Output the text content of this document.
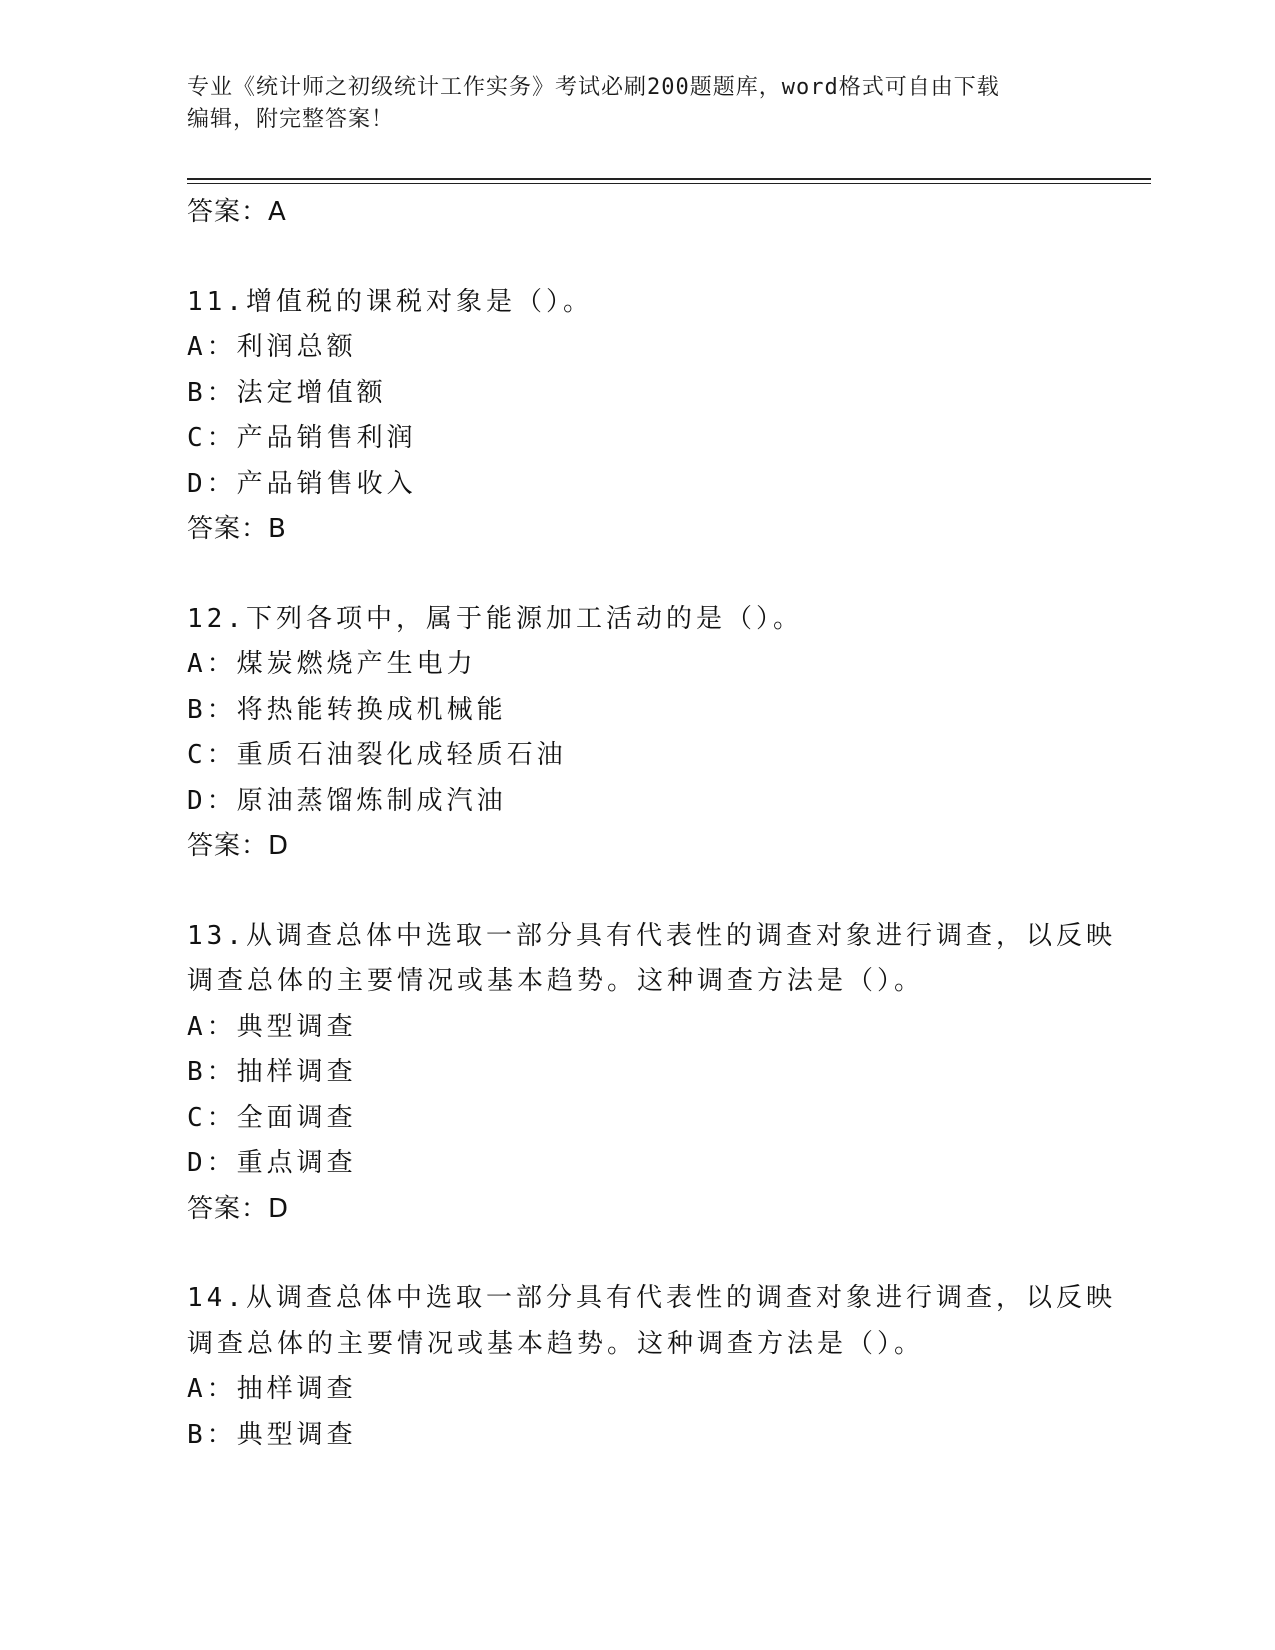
专业《统计师之初级统计工作实务》考试必刷200题题库，word格式可自由下载
编辑，附完整答案！
答案：A
11.增值税的课税对象是（）。
A：利润总额
B：法定增值额
C：产品销售利润
D：产品销售收入
答案：B
12.下列各项中，属于能源加工活动的是（）。
A：煤炭燃烧产生电力
B：将热能转换成机械能
C：重质石油裂化成轻质石油
D：原油蒸馏炼制成汽油
答案：D
13.从调查总体中选取一部分具有代表性的调查对象进行调查，以反映
调查总体的主要情况或基本趋势。这种调查方法是（）。
A：典型调查
B：抽样调查
C：全面调查
D：重点调查
答案：D
14.从调查总体中选取一部分具有代表性的调查对象进行调查，以反映
调查总体的主要情况或基本趋势。这种调查方法是（）。
A：抽样调查
B：典型调查
